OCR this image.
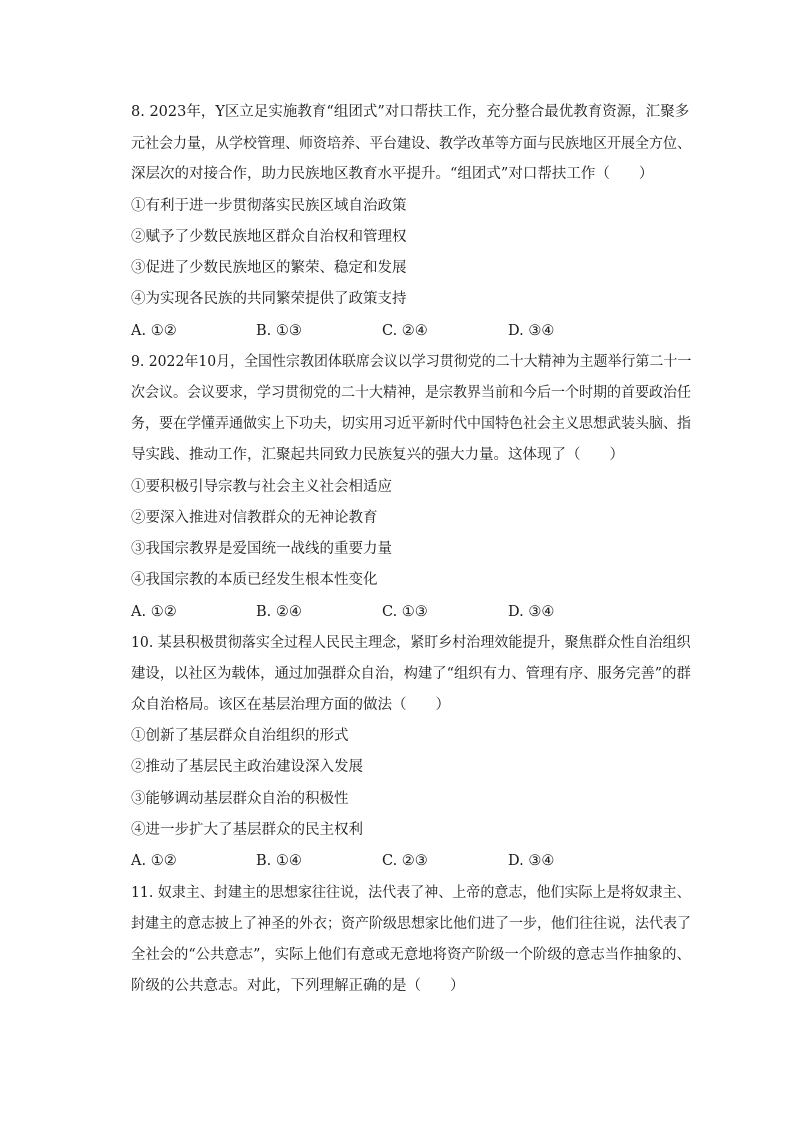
8. 2023年，Y区立足实施教育“组团式”对口帮扶工作，充分整合最优教育资源，汇聚多
元社会力量，从学校管理、师资培养、平台建设、教学改革等方面与民族地区开展全方位、
深层次的对接合作，助力民族地区教育水平提升。“组团式”对口帮扶工作（　　）
①有利于进一步贯彻落实民族区域自治政策
②赋予了少数民族地区群众自治权和管理权
③促进了少数民族地区的繁荣、稳定和发展
④为实现各民族的共同繁荣提供了政策支持
A. ①②	B. ①③	C. ②④	D. ③④
9. 2022年10月，全国性宗教团体联席会议以学习贯彻党的二十大精神为主题举行第二十一
次会议。会议要求，学习贯彻党的二十大精神，是宗教界当前和今后一个时期的首要政治任
务，要在学懂弄通做实上下功夫，切实用习近平新时代中国特色社会主义思想武装头脑、指
导实践、推动工作，汇聚起共同致力民族复兴的强大力量。这体现了（　　）
①要积极引导宗教与社会主义社会相适应
②要深入推进对信教群众的无神论教育
③我国宗教界是爱国统一战线的重要力量
④我国宗教的本质已经发生根本性变化
A. ①②	B. ②④	C. ①③	D. ③④
10. 某县积极贯彻落实全过程人民民主理念，紧盯乡村治理效能提升，聚焦群众性自治组织
建设，以社区为载体，通过加强群众自治，构建了“组织有力、管理有序、服务完善”的群
众自治格局。该区在基层治理方面的做法（　　）
①创新了基层群众自治组织的形式
②推动了基层民主政治建设深入发展
③能够调动基层群众自治的积极性
④进一步扩大了基层群众的民主权利
A. ①②	B. ①④	C. ②③	D. ③④
11. 奴隶主、封建主的思想家往往说，法代表了神、上帝的意志，他们实际上是将奴隶主、
封建主的意志披上了神圣的外衣；资产阶级思想家比他们进了一步，他们往往说，法代表了
全社会的“公共意志”，实际上他们有意或无意地将资产阶级一个阶级的意志当作抽象的、
阶级的公共意志。对此，下列理解正确的是（　　）
